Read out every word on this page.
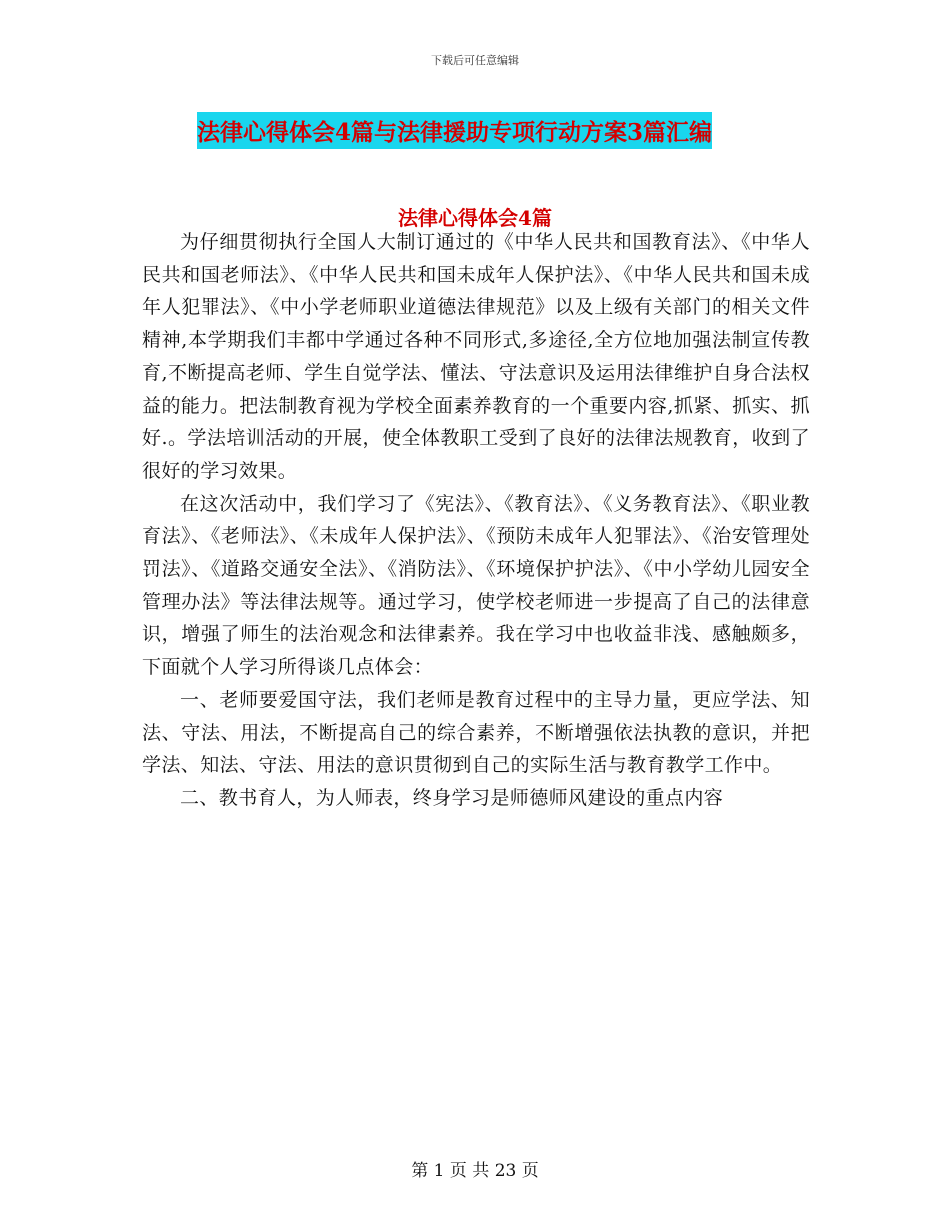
下载后可任意编辑
法律心得体会4篇与法律援助专项行动方案3篇汇编
法律心得体会4篇

为仔细贯彻执行全国人大制订通过的《中华人民共和国教育法》、《中华人民共和国老师法》、《中华人民共和国未成年人保护法》、《中华人民共和国未成年人犯罪法》、《中小学老师职业道德法律规范》以及上级有关部门的相关文件精神,本学期我们丰都中学通过各种不同形式,多途径,全方位地加强法制宣传教育,不断提高老师、学生自觉学法、懂法、守法意识及运用法律维护自身合法权益的能力。把法制教育视为学校全面素养教育的一个重要内容,抓紧、抓实、抓好.。学法培训活动的开展，使全体教职工受到了良好的法律法规教育，收到了很好的学习效果。

在这次活动中，我们学习了《宪法》、《教育法》、《义务教育法》、《职业教育法》、《老师法》、《未成年人保护法》、《预防未成年人犯罪法》、《治安管理处罚法》、《道路交通安全法》、《消防法》、《环境保护护法》、《中小学幼儿园安全管理办法》等法律法规等。通过学习，使学校老师进一步提高了自己的法律意识，增强了师生的法治观念和法律素养。我在学习中也收益非浅、感触颇多，下面就个人学习所得谈几点体会：

一、老师要爱国守法，我们老师是教育过程中的主导力量，更应学法、知法、守法、用法，不断提高自己的综合素养，不断增强依法执教的意识，并把学法、知法、守法、用法的意识贯彻到自己的实际生活与教育教学工作中。

二、教书育人，为人师表，终身学习是师德师风建设的重点内容

第 1 页 共 23 页
